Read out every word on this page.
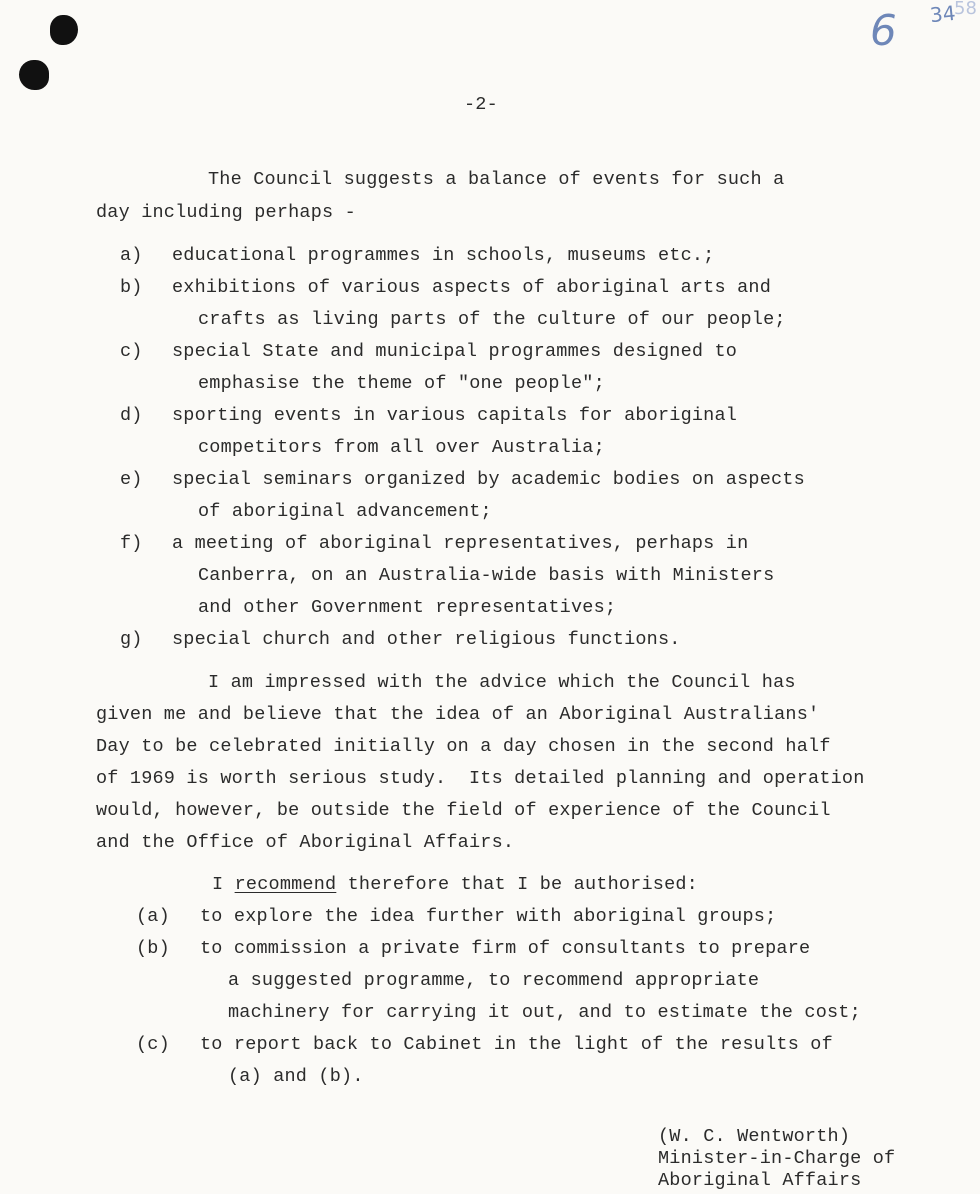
6 34
58
-2-
The Council suggests a balance of events for such a
day including perhaps -
a) educational programmes in schools, museums etc.;
b) exhibitions of various aspects of aboriginal arts and
crafts as living parts of the culture of our people;
c) special State and municipal programmes designed to
emphasise the theme of "one people";
d) sporting events in various capitals for aboriginal
competitors from all over Australia;
e) special seminars organized by academic bodies on aspects
of aboriginal advancement;
f) a meeting of aboriginal representatives, perhaps in
Canberra, on an Australia-wide basis with Ministers
and other Government representatives;
g) special church and other religious functions.
I am impressed with the advice which the Council has
given me and believe that the idea of an Aboriginal Australians'
Day to be celebrated initially on a day chosen in the second half
of 1969 is worth serious study.  Its detailed planning and operation
would, however, be outside the field of experience of the Council
and the Office of Aboriginal Affairs.
I recommend therefore that I be authorised:
(a) to explore the idea further with aboriginal groups;
(b) to commission a private firm of consultants to prepare
a suggested programme, to recommend appropriate
machinery for carrying it out, and to estimate the cost;
(c) to report back to Cabinet in the light of the results of
(a) and (b).
(W. C. Wentworth)
Minister-in-Charge of
Aboriginal Affairs
